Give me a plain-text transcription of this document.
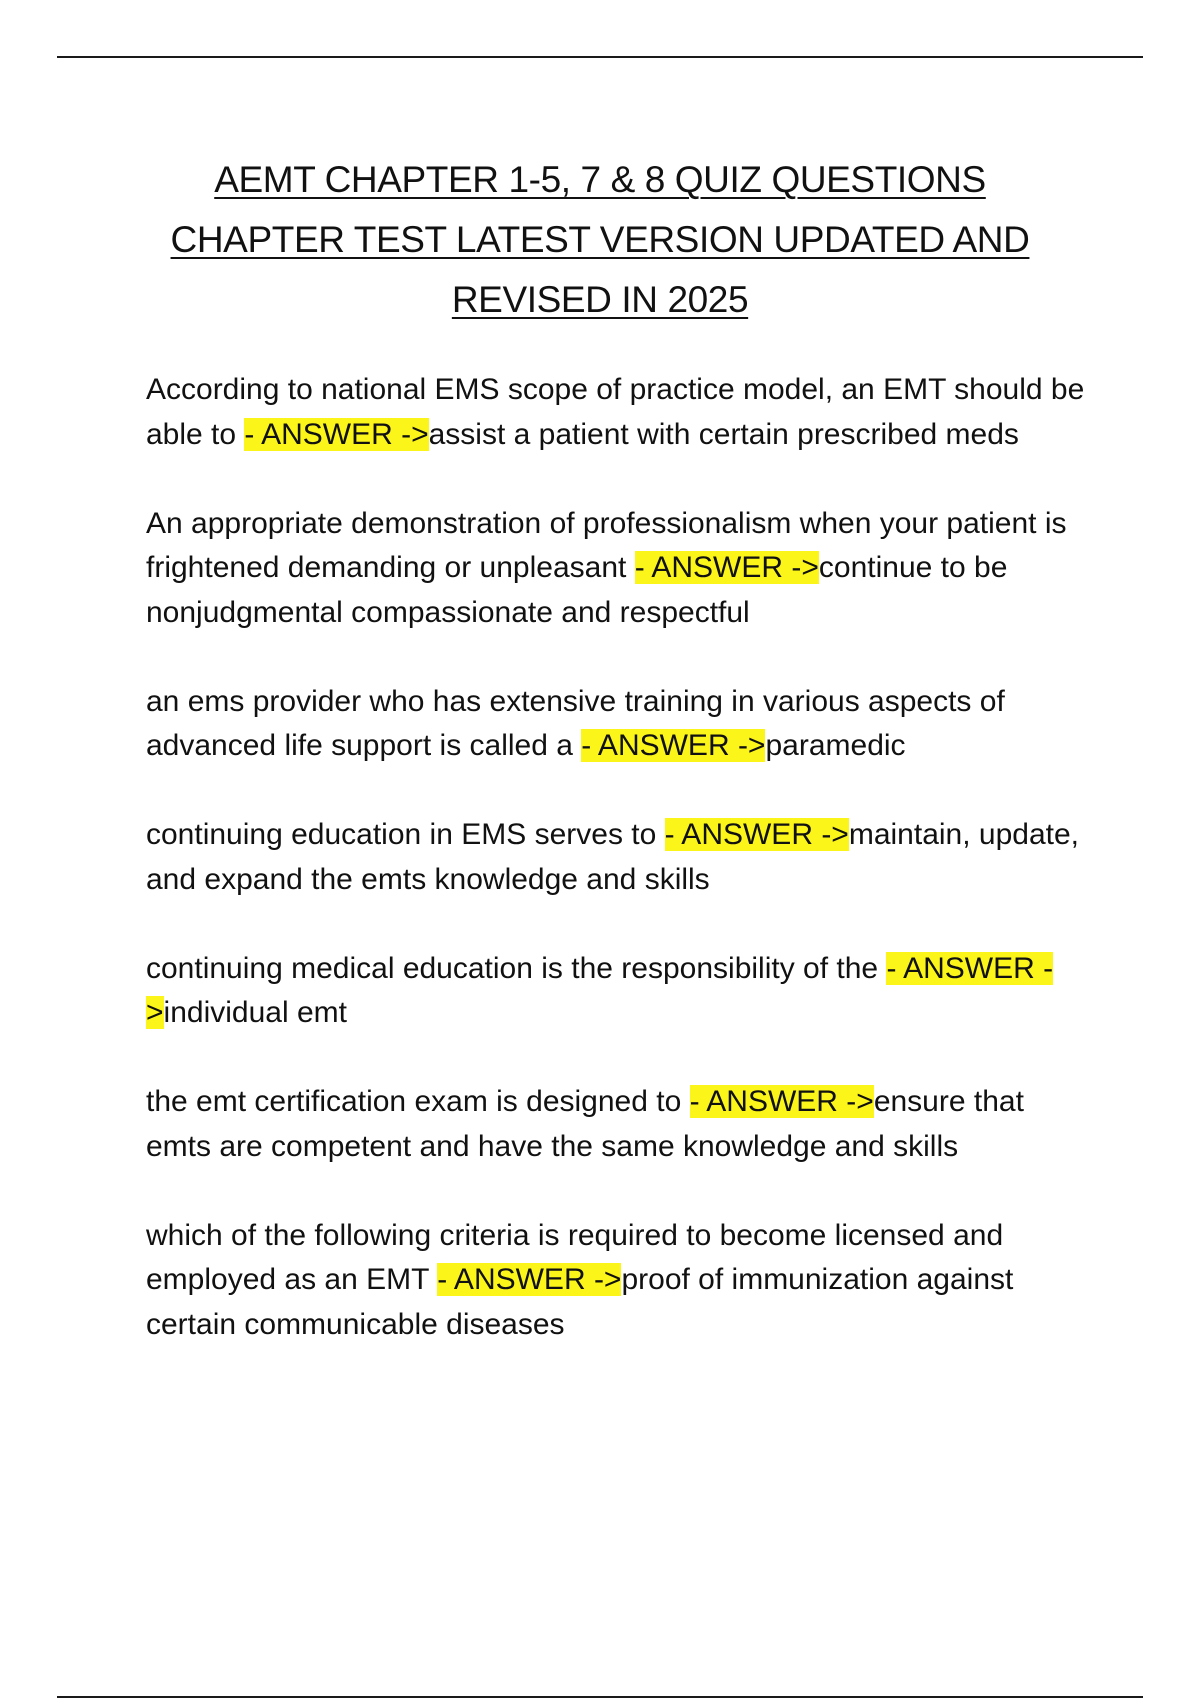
AEMT CHAPTER 1-5, 7 & 8 QUIZ QUESTIONS
CHAPTER TEST LATEST VERSION UPDATED AND
REVISED IN 2025

According to national EMS scope of practice model, an EMT should be able to - ANSWER ->assist a patient with certain prescribed meds

An appropriate demonstration of professionalism when your patient is frightened demanding or unpleasant - ANSWER ->continue to be nonjudgmental compassionate and respectful

an ems provider who has extensive training in various aspects of advanced life support is called a - ANSWER ->paramedic

continuing education in EMS serves to - ANSWER ->maintain, update, and expand the emts knowledge and skills

continuing medical education is the responsibility of the - ANSWER ->individual emt

the emt certification exam is designed to - ANSWER ->ensure that emts are competent and have the same knowledge and skills

which of the following criteria is required to become licensed and employed as an EMT - ANSWER ->proof of immunization against certain communicable diseases
